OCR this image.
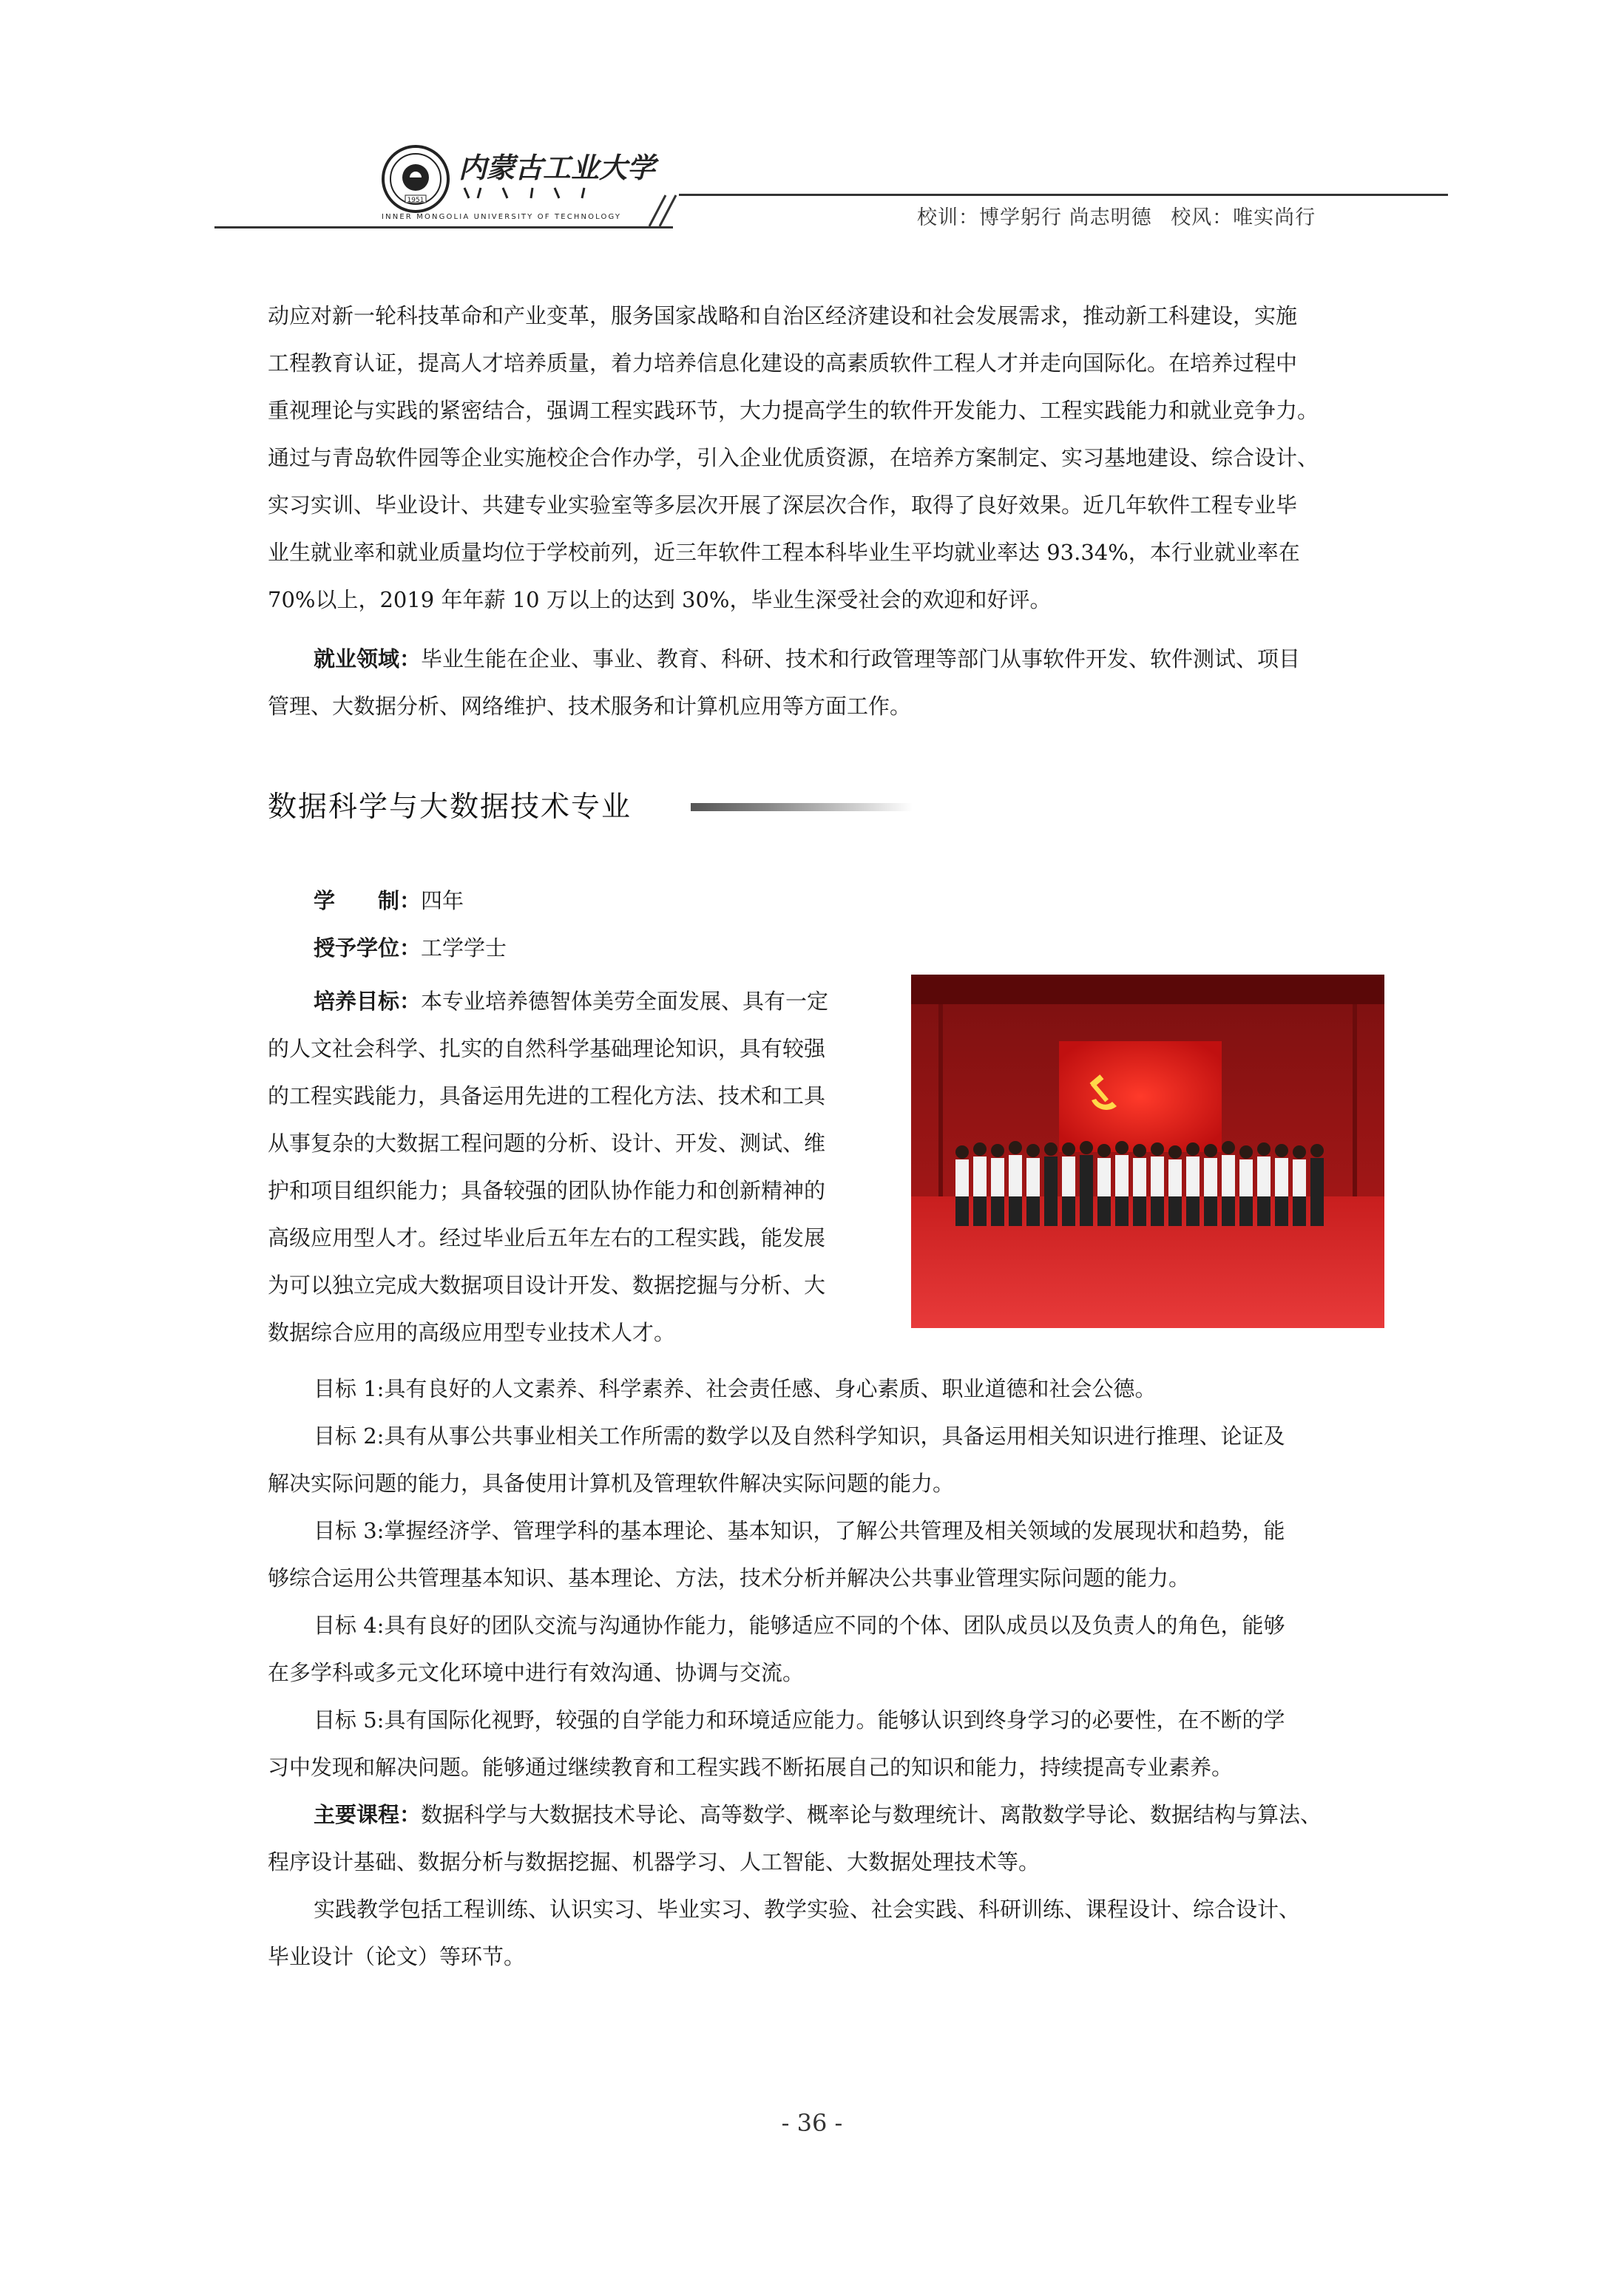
1951
内蒙古工业大学
INNER MONGOLIA UNIVERSITY OF TECHNOLOGY	校训：博学躬行 尚志明德 校风：唯实尚行
动应对新一轮科技革命和产业变革，服务国家战略和自治区经济建设和社会发展需求，推动新工科建设，实施
工程教育认证，提高人才培养质量，着力培养信息化建设的高素质软件工程人才并走向国际化。在培养过程中
重视理论与实践的紧密结合，强调工程实践环节，大力提高学生的软件开发能力、工程实践能力和就业竞争力。
通过与青岛软件园等企业实施校企合作办学，引入企业优质资源，在培养方案制定、实习基地建设、综合设计、
实习实训、毕业设计、共建专业实验室等多层次开展了深层次合作，取得了良好效果。近几年软件工程专业毕
业生就业率和就业质量均位于学校前列，近三年软件工程本科毕业生平均就业率达 93.34%，本行业就业率在
70%以上，2019 年年薪 10 万以上的达到 30%，毕业生深受社会的欢迎和好评。
就业领域：毕业生能在企业、事业、教育、科研、技术和行政管理等部门从事软件开发、软件测试、项目
管理、大数据分析、网络维护、技术服务和计算机应用等方面工作。
数据科学与大数据技术专业
学　　制：四年
授予学位：工学学士
培养目标：本专业培养德智体美劳全面发展、具有一定
的人文社会科学、扎实的自然科学基础理论知识，具有较强
的工程实践能力，具备运用先进的工程化方法、技术和工具
从事复杂的大数据工程问题的分析、设计、开发、测试、维
护和项目组织能力；具备较强的团队协作能力和创新精神的
高级应用型人才。经过毕业后五年左右的工程实践，能发展
为可以独立完成大数据项目设计开发、数据挖掘与分析、大
数据综合应用的高级应用型专业技术人才。
目标 1:具有良好的人文素养、科学素养、社会责任感、身心素质、职业道德和社会公德。
目标 2:具有从事公共事业相关工作所需的数学以及自然科学知识，具备运用相关知识进行推理、论证及
解决实际问题的能力，具备使用计算机及管理软件解决实际问题的能力。
目标 3:掌握经济学、管理学科的基本理论、基本知识，了解公共管理及相关领域的发展现状和趋势，能
够综合运用公共管理基本知识、基本理论、方法，技术分析并解决公共事业管理实际问题的能力。
目标 4:具有良好的团队交流与沟通协作能力，能够适应不同的个体、团队成员以及负责人的角色，能够
在多学科或多元文化环境中进行有效沟通、协调与交流。
目标 5:具有国际化视野，较强的自学能力和环境适应能力。能够认识到终身学习的必要性，在不断的学
习中发现和解决问题。能够通过继续教育和工程实践不断拓展自己的知识和能力，持续提高专业素养。
主要课程：数据科学与大数据技术导论、高等数学、概率论与数理统计、离散数学导论、数据结构与算法、
程序设计基础、数据分析与数据挖掘、机器学习、人工智能、大数据处理技术等。
实践教学包括工程训练、认识实习、毕业实习、教学实验、社会实践、科研训练、课程设计、综合设计、
毕业设计（论文）等环节。
- 36 -
